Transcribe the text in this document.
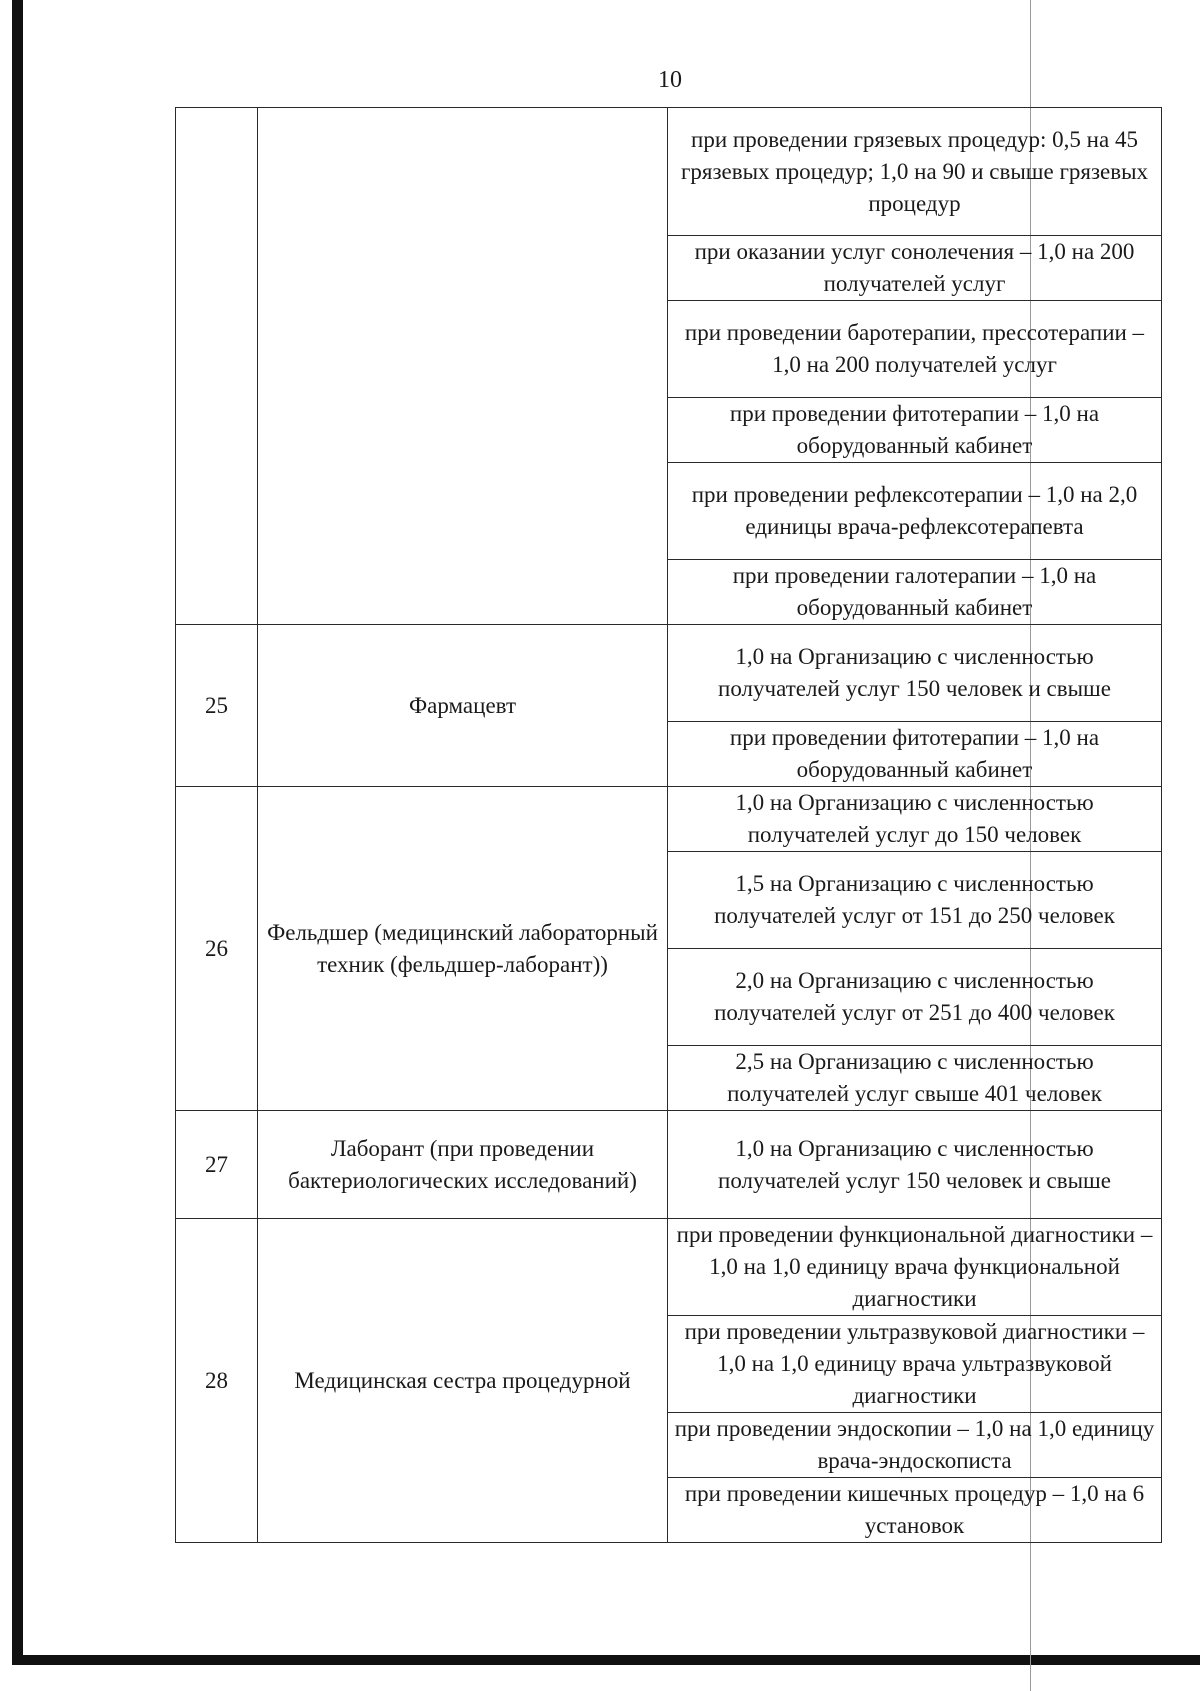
10
		при проведении грязевых процедур: 0,5 на 45 грязевых процедур; 1,0 на 90 и свыше грязевых процедур
		при оказании услуг сонолечения – 1,0 на 200 получателей услуг
		при проведении баротерапии, прессотерапии – 1,0 на 200 получателей услуг
		при проведении фитотерапии – 1,0 на оборудованный кабинет
		при проведении рефлексотерапии – 1,0 на 2,0 единицы врача-рефлексотерапевта
		при проведении галотерапии – 1,0 на оборудованный кабинет
25	Фармацевт	1,0 на Организацию с численностью получателей услуг 150 человек и свыше
		при проведении фитотерапии – 1,0 на оборудованный кабинет
26	Фельдшер (медицинский лабораторный техник (фельдшер-лаборант))	1,0 на Организацию с численностью получателей услуг до 150 человек
		1,5 на Организацию с численностью получателей услуг от 151 до 250 человек
		2,0 на Организацию с численностью получателей услуг от 251 до 400 человек
		2,5 на Организацию с численностью получателей услуг свыше 401 человек
27	Лаборант (при проведении бактериологических исследований)	1,0 на Организацию с численностью получателей услуг 150 человек и свыше
28	Медицинская сестра процедурной	при проведении функциональной диагностики – 1,0 на 1,0 единицу врача функциональной диагностики
		при проведении ультразвуковой диагностики – 1,0 на 1,0 единицу врача ультразвуковой диагностики
		при проведении эндоскопии – 1,0 на 1,0 единицу врача-эндоскописта
		при проведении кишечных процедур – 1,0 на 6 установок
